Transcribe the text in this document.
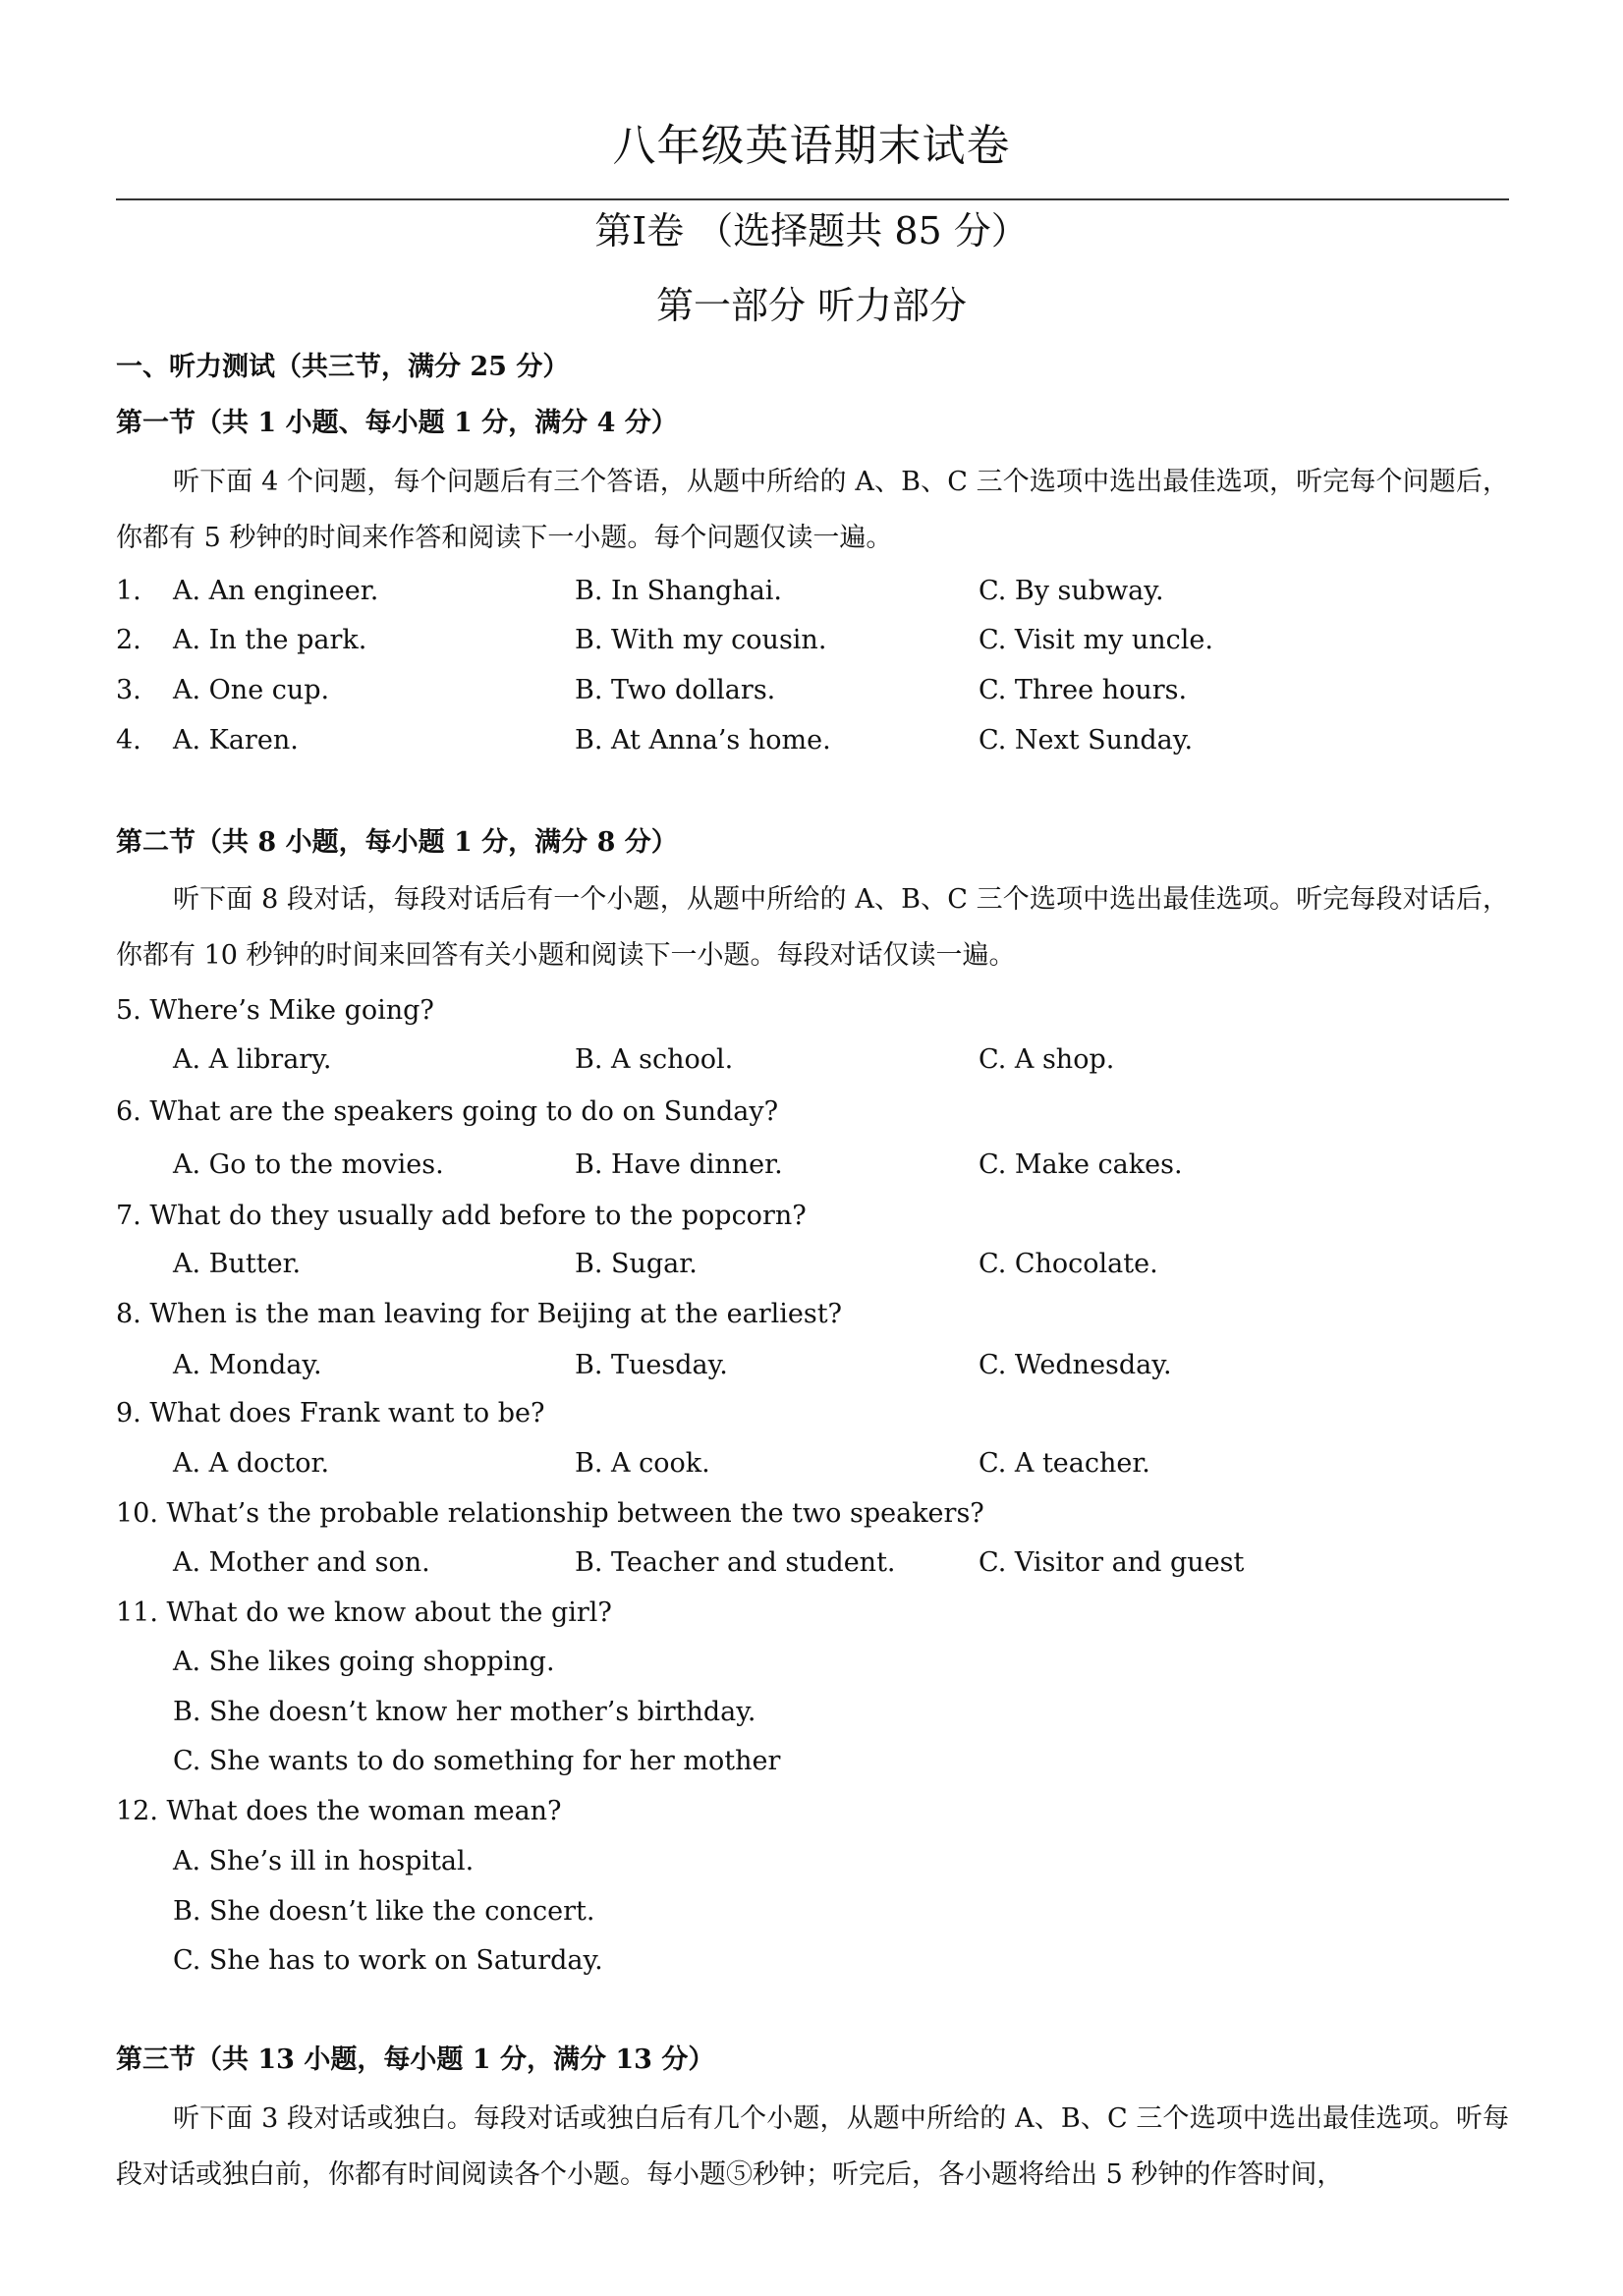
八年级英语期末试卷
第Ⅰ卷 （选择题共 85 分）
第一部分 听力部分
一、听力测试（共三节，满分 25 分）
第一节（共 1 小题、每小题 1 分，满分 4 分）
听下面 4 个问题，每个问题后有三个答语，从题中所给的 A、B、C 三个选项中选出最佳选项，听完每个问题后，你都有 5 秒钟的时间来作答和阅读下一小题。每个问题仅读一遍。
1. A. An engineer.	B. In Shanghai.	C. By subway.
2. A. In the park.	B. With my cousin.	C. Visit my uncle.
3. A. One cup.	B. Two dollars.	C. Three hours.
4. A. Karen.	B. At Anna’s home.	C. Next Sunday.
第二节（共 8 小题，每小题 1 分，满分 8 分）
听下面 8 段对话，每段对话后有一个小题，从题中所给的 A、B、C 三个选项中选出最佳选项。听完每段对话后，你都有 10 秒钟的时间来回答有关小题和阅读下一小题。每段对话仅读一遍。
5. Where’s Mike going?
A. A library.	B. A school.	C. A shop.
6. What are the speakers going to do on Sunday?
A. Go to the movies.	B. Have dinner.	C. Make cakes.
7. What do they usually add before to the popcorn?
A. Butter.	B. Sugar.	C. Chocolate.
8. When is the man leaving for Beijing at the earliest?
A. Monday.	B. Tuesday.	C. Wednesday.
9. What does Frank want to be?
A. A doctor.	B. A cook.	C. A teacher.
10. What’s the probable relationship between the two speakers?
A. Mother and son.	B. Teacher and student.	C. Visitor and guest
11. What do we know about the girl?
A. She likes going shopping.
B. She doesn’t know her mother’s birthday.
C. She wants to do something for her mother
12. What does the woman mean?
A. She’s ill in hospital.
B. She doesn’t like the concert.
C. She has to work on Saturday.
第三节（共 13 小题，每小题 1 分，满分 13 分）
听下面 3 段对话或独白。每段对话或独白后有几个小题，从题中所给的 A、B、C 三个选项中选出最佳选项。听每段对话或独白前，你都有时间阅读各个小题。每小题⑤秒钟；听完后，各小题将给出 5 秒钟的作答时间，
